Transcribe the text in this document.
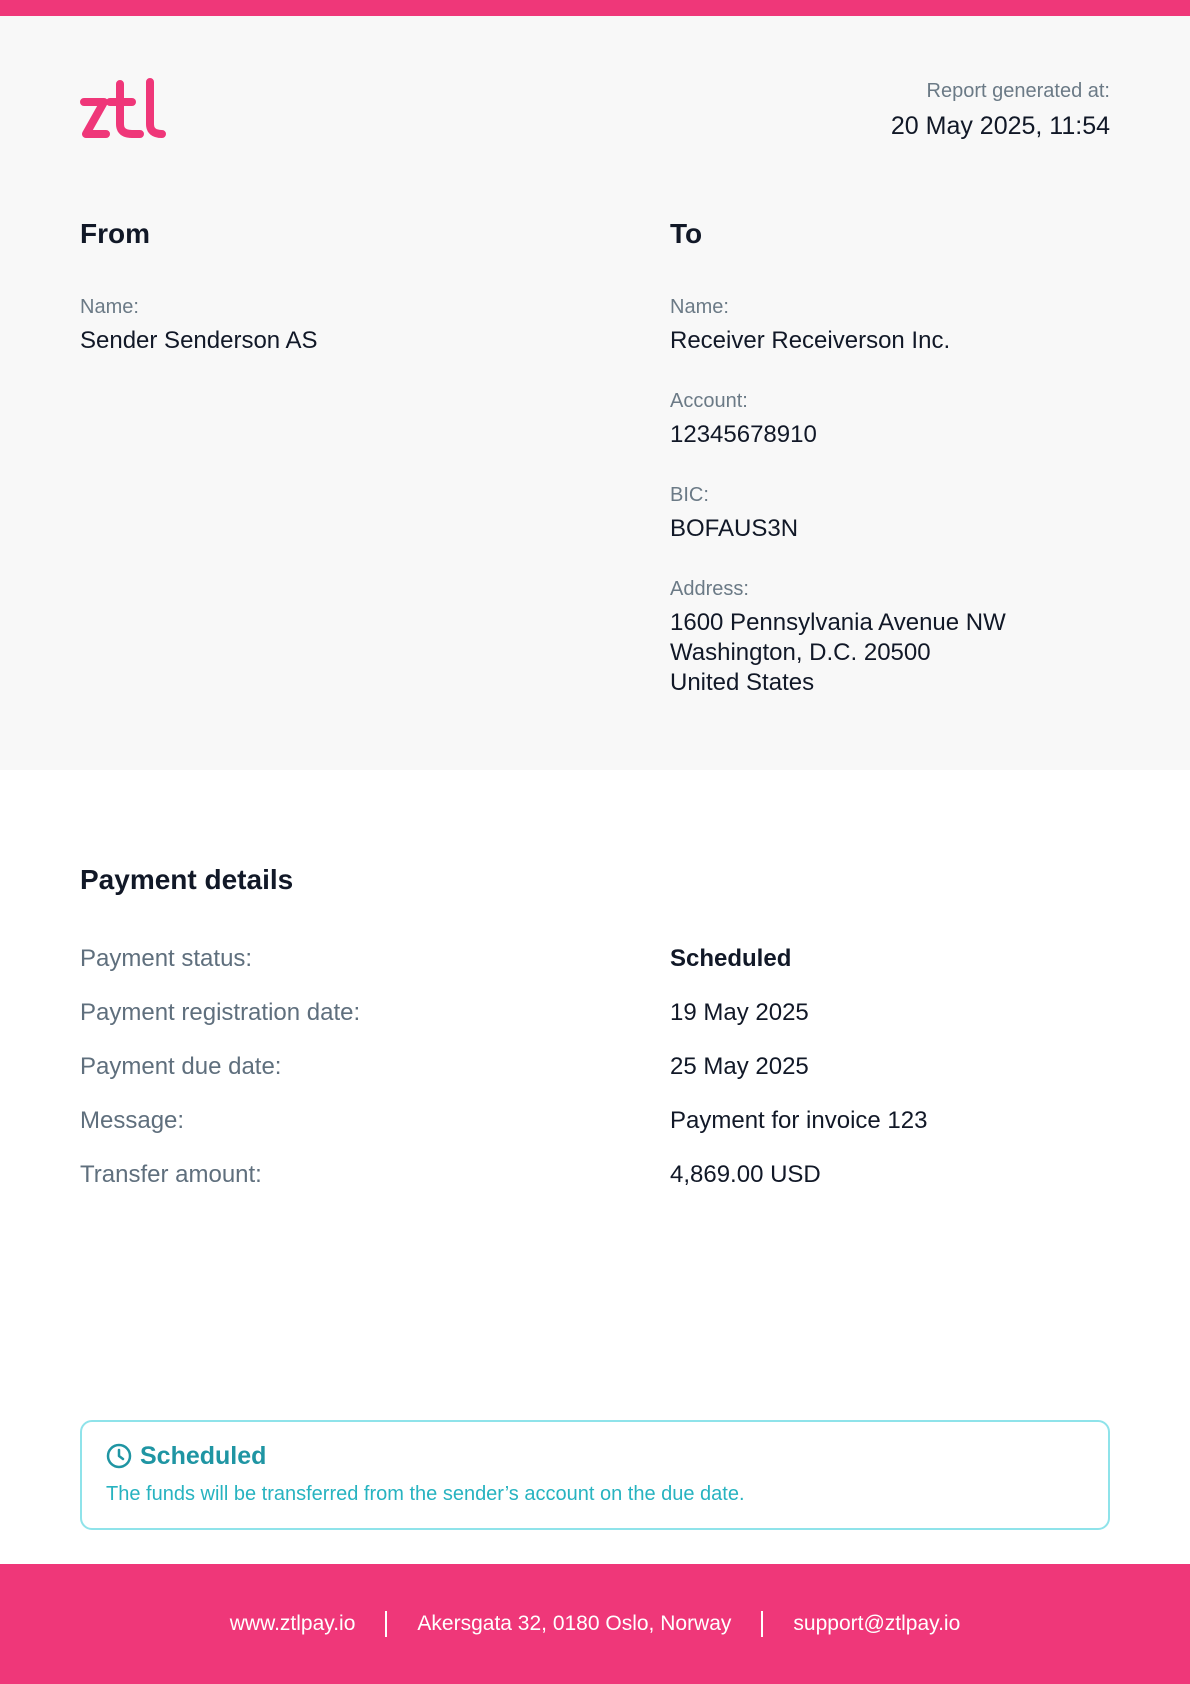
Report generated at:
20 May 2025, 11:54
From
Name:
Sender Senderson AS
To
Name:
Receiver Receiverson Inc.
Account:
12345678910
BIC:
BOFAUS3N
Address:
1600 Pennsylvania Avenue NW
Washington, D.C. 20500
United States
Payment details
Payment status:	Scheduled
Payment registration date:	19 May 2025
Payment due date:	25 May 2025
Message:	Payment for invoice 123
Transfer amount:	4,869.00 USD
Scheduled
The funds will be transferred from the sender’s account on the due date.
www.ztlpay.io	Akersgata 32, 0180 Oslo, Norway	support@ztlpay.io
